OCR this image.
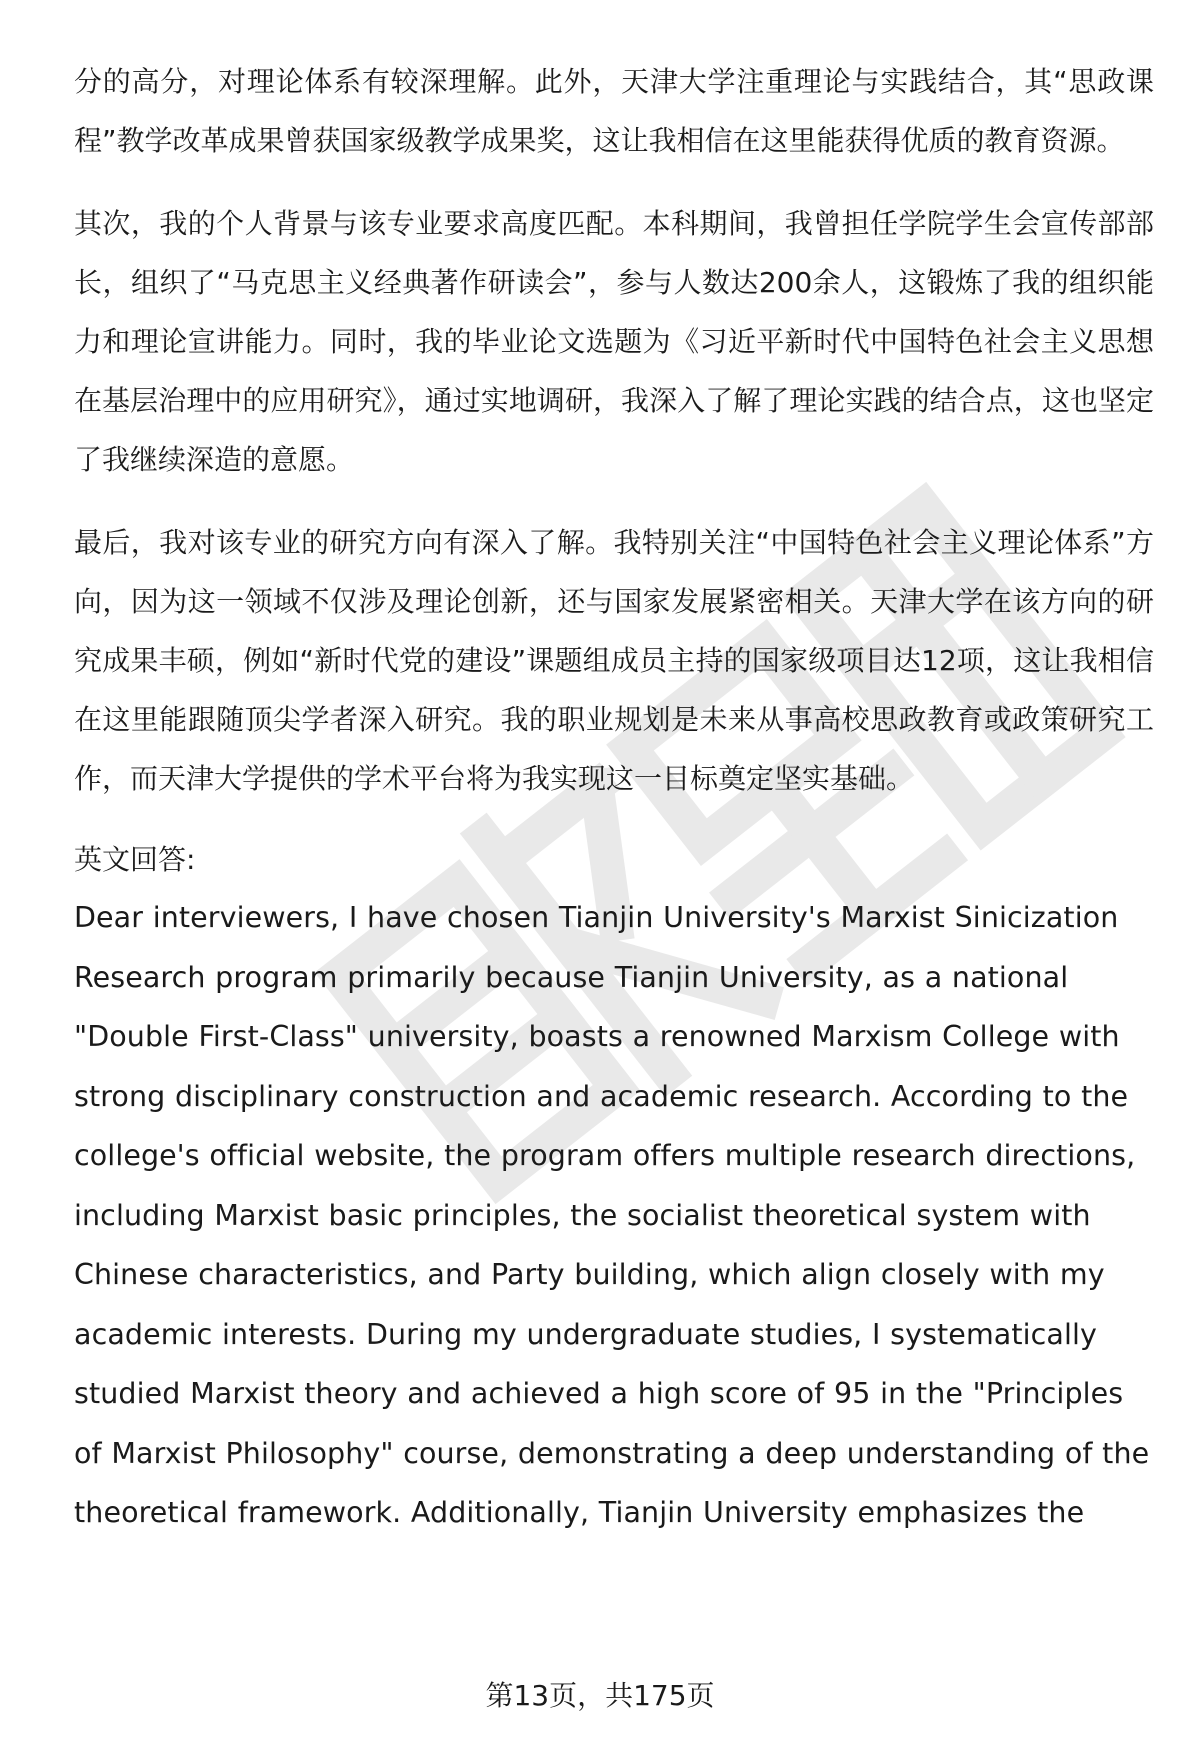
分的高分，对理论体系有较深理解。此外，天津大学注重理论与实践结合，其“思政课程”教学改革成果曾获国家级教学成果奖，这让我相信在这里能获得优质的教育资源。

其次，我的个人背景与该专业要求高度匹配。本科期间，我曾担任学院学生会宣传部部长，组织了“马克思主义经典著作研读会”，参与人数达200余人，这锻炼了我的组织能力和理论宣讲能力。同时，我的毕业论文选题为《习近平新时代中国特色社会主义思想在基层治理中的应用研究》，通过实地调研，我深入了解了理论实践的结合点，这也坚定了我继续深造的意愿。

最后，我对该专业的研究方向有深入了解。我特别关注“中国特色社会主义理论体系”方向，因为这一领域不仅涉及理论创新，还与国家发展紧密相关。天津大学在该方向的研究成果丰硕，例如“新时代党的建设”课题组成员主持的国家级项目达12项，这让我相信在这里能跟随顶尖学者深入研究。我的职业规划是未来从事高校思政教育或政策研究工作，而天津大学提供的学术平台将为我实现这一目标奠定坚实基础。

英文回答:

Dear interviewers, I have chosen Tianjin University's Marxist Sinicization Research program primarily because Tianjin University, as a national "Double First-Class" university, boasts a renowned Marxism College with strong disciplinary construction and academic research. According to the college's official website, the program offers multiple research directions, including Marxist basic principles, the socialist theoretical system with Chinese characteristics, and Party building, which align closely with my academic interests. During my undergraduate studies, I systematically studied Marxist theory and achieved a high score of 95 in the "Principles of Marxist Philosophy" course, demonstrating a deep understanding of the theoretical framework. Additionally, Tianjin University emphasizes the

第13页，共175页
